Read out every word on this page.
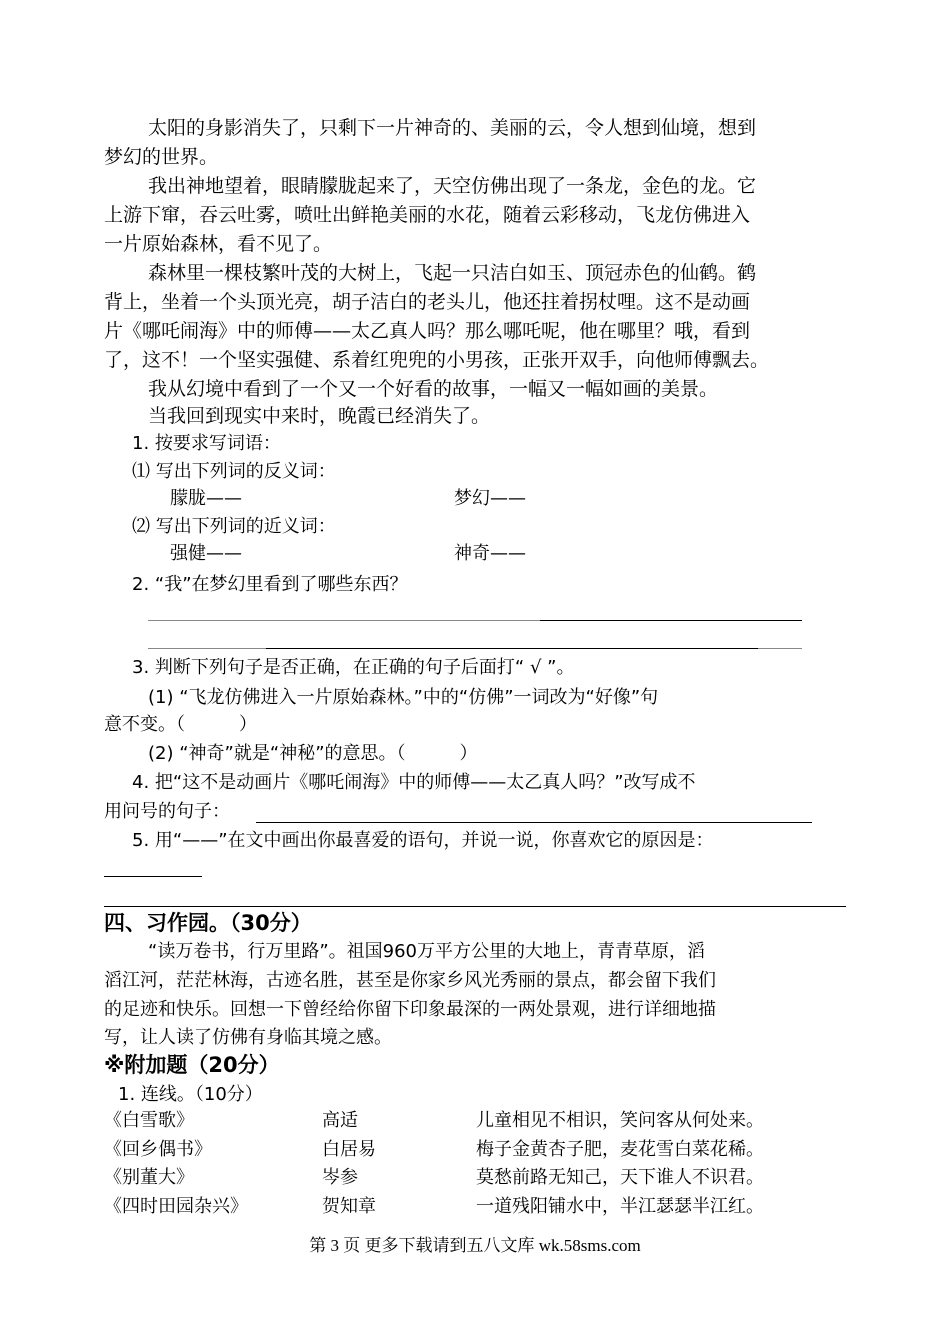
太阳的身影消失了，只剩下一片神奇的、美丽的云，令人想到仙境，想到
梦幻的世界。
我出神地望着，眼睛朦胧起来了，天空仿佛出现了一条龙，金色的龙。它
上游下窜，吞云吐雾，喷吐出鲜艳美丽的水花，随着云彩移动，飞龙仿佛进入
一片原始森林，看不见了。
森林里一棵枝繁叶茂的大树上，飞起一只洁白如玉、顶冠赤色的仙鹤。鹤
背上，坐着一个头顶光亮，胡子洁白的老头儿，他还拄着拐杖哩。这不是动画
片《哪吒闹海》中的师傅——太乙真人吗？那么哪吒呢，他在哪里？哦，看到
了，这不！一个坚实强健、系着红兜兜的小男孩，正张开双手，向他师傅飘去。
我从幻境中看到了一个又一个好看的故事，一幅又一幅如画的美景。
当我回到现实中来时，晚霞已经消失了。
1. 按要求写词语：
⑴ 写出下列词的反义词：
朦胧——	梦幻——
⑵ 写出下列词的近义词：
强健——	神奇——
2. “我”在梦幻里看到了哪些东西？
3. 判断下列句子是否正确，在正确的句子后面打“ √ ”。
(1) “飞龙仿佛进入一片原始森林。”中的“仿佛”一词改为“好像”句
意不变。（　　　）
(2) “神奇”就是“神秘”的意思。（　　　）
4. 把“这不是动画片《哪吒闹海》中的师傅——太乙真人吗？”改写成不
用问号的句子：
5. 用“——”在文中画出你最喜爱的语句，并说一说，你喜欢它的原因是：
四、习作园。（30分）
“读万卷书，行万里路”。祖国960万平方公里的大地上，青青草原，滔
滔江河，茫茫林海，古迹名胜，甚至是你家乡风光秀丽的景点，都会留下我们
的足迹和快乐。回想一下曾经给你留下印象最深的一两处景观，进行详细地描
写，让人读了仿佛有身临其境之感。
※附加题（20分）
1. 连线。（10分）
《白雪歌》	高适	儿童相见不相识，笑问客从何处来。
《回乡偶书》	白居易	梅子金黄杏子肥，麦花雪白菜花稀。
《别董大》	岑参	莫愁前路无知己，天下谁人不识君。
《四时田园杂兴》	贺知章	一道残阳铺水中，半江瑟瑟半江红。
第 3 页 更多下载请到五八文库 wk.58sms.com
